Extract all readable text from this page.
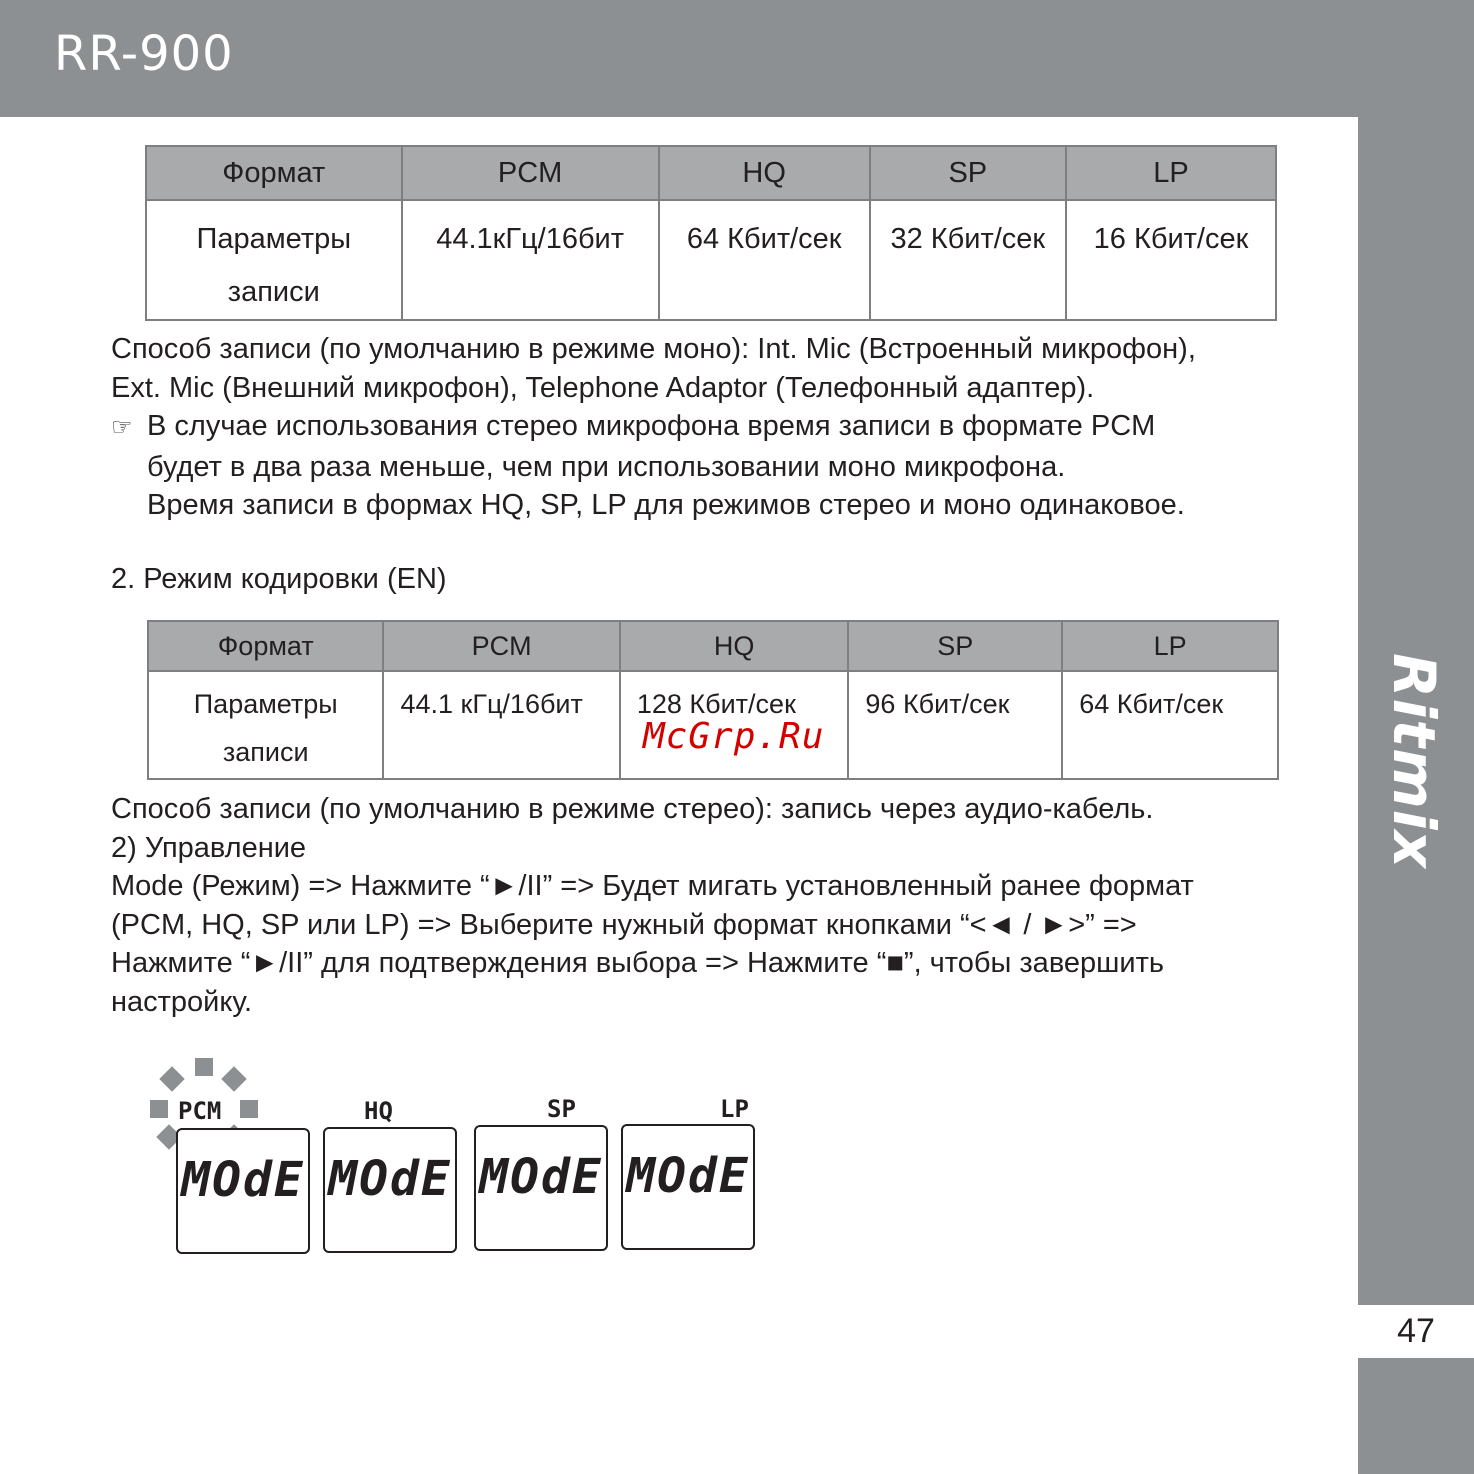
RR-900
Ritmix
47
Формат	PCM	HQ	SP	LP

Параметры
записи	44.1кГц/16бит	64 Кбит/сек	32 Кбит/сек	16 Кбит/сек
Способ записи (по умолчанию в режиме моно): Int. Mic (Встроенный микрофон),
Ext. Mic (Внешний микрофон), Telephone Adaptor (Телефонный адаптер).
☞ В случае использования стерео микрофона время записи в формате PCM
будет в два раза меньше, чем при использовании моно микрофона.
Время записи в формах HQ, SP, LP для режимов стерео и моно одинаковое.
2. Режим кодировки (EN)
Формат	PCM	HQ	SP	LP

Параметры
записи	44.1 кГц/16бит	128 Кбит/сек	96 Кбит/сек	64 Кбит/сек
McGrp.Ru
Способ записи (по умолчанию в режиме стерео): запись через аудио-кабель.
2) Управление
Mode (Режим) => Нажмите “►/II” => Будет мигать установленный ранее формат
(PCM, HQ, SP или LP) => Выберите нужный формат кнопками “<◄ / ►>” =>
Нажмите “►/II” для подтверждения выбора => Нажмите “■”, чтобы завершить
настройку.
PCM	HQ	SP	LP
MOdE MOdE MOdE MOdE
